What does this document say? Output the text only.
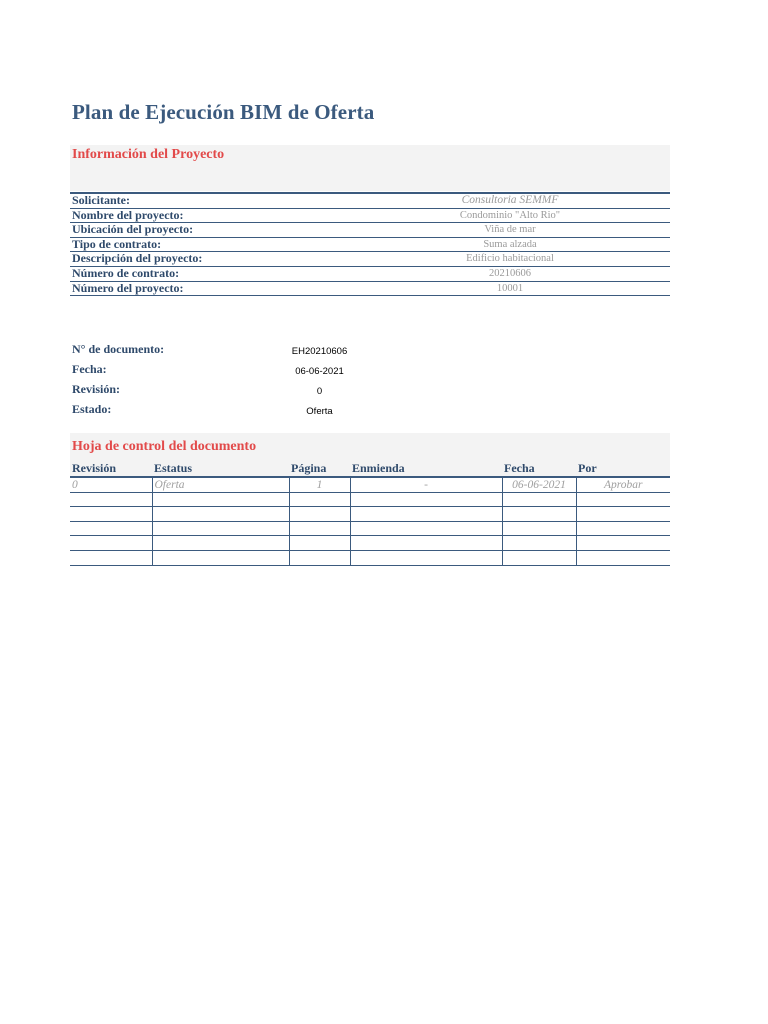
Plan de Ejecución BIM de Oferta
Información del Proyecto
Solicitante:	Consultoria SEMMF
Nombre del proyecto:	Condominio "Alto Rio"
Ubicación del proyecto:	Viña de mar
Tipo de contrato:	Suma alzada
Descripción del proyecto:	Edificio habitacional
Número de contrato:	20210606
Número del proyecto:	10001
N° de documento:	EH20210606
Fecha:	06-06-2021
Revisión:	0
Estado:	Oferta
Hoja de control del documento
Revisión	Estatus	Página	Enmienda	Fecha	Por
0	Oferta	1	-	06-06-2021	Aprobar
